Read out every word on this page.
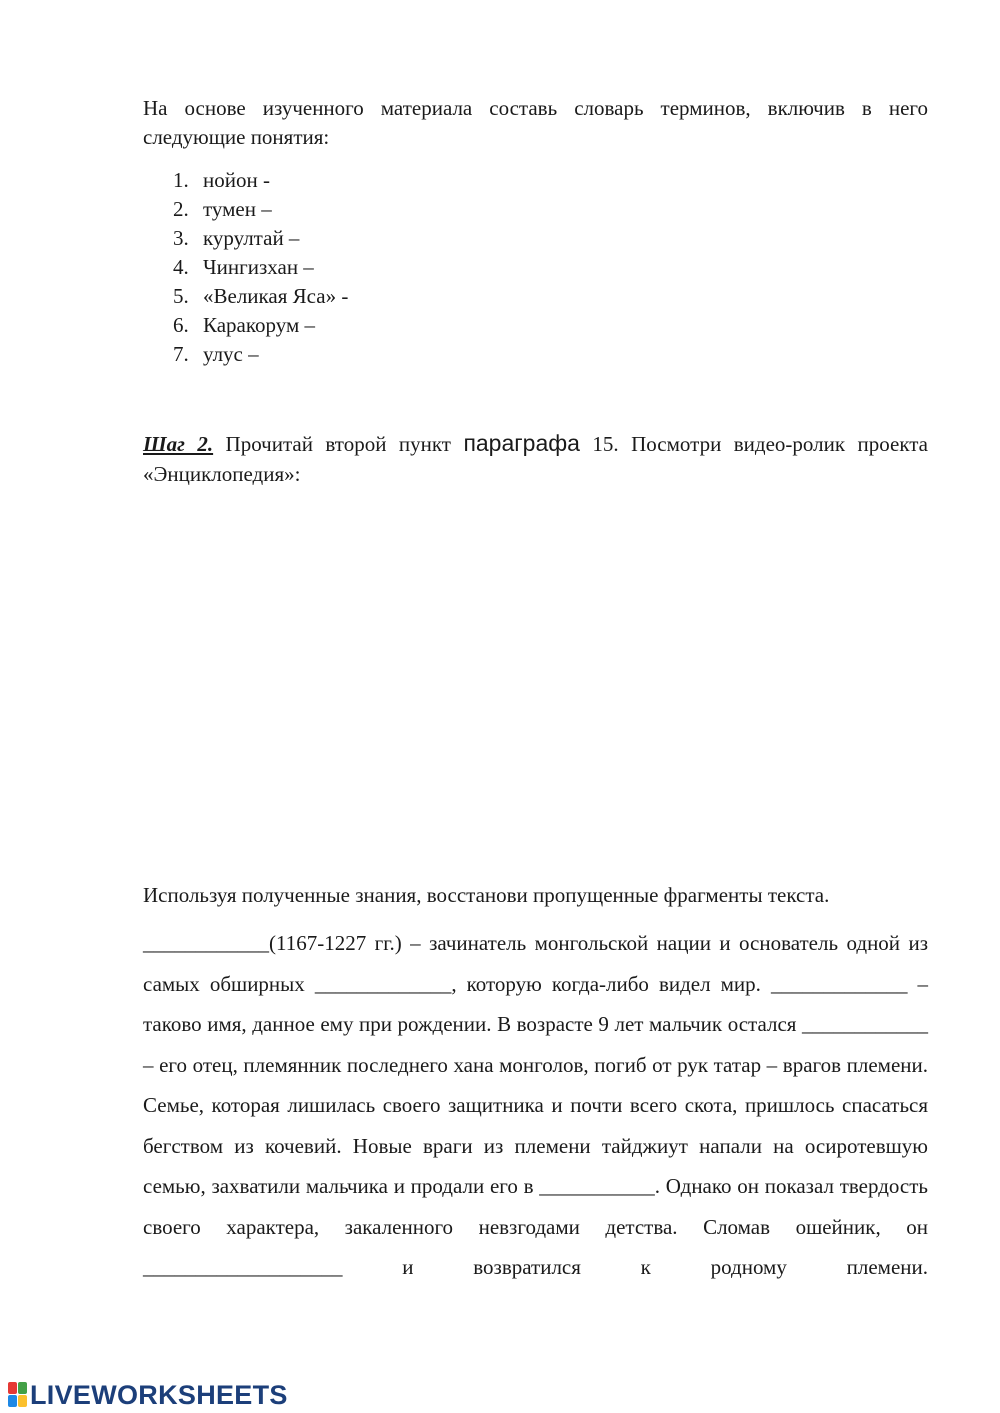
На основе изученного материала составь словарь терминов, включив в него следующие понятия:

1. нойон -
2. тумен –
3. курултай –
4. Чингизхан –
5. «Великая Яса» -
6. Каракорум –
7. улус –

Шаг 2. Прочитай второй пункт параграфа 15. Посмотри видео-ролик проекта «Энциклопедия»:

Используя полученные знания, восстанови пропущенные фрагменты текста.

____________(1167-1227 гг.) – зачинатель монгольской нации и основатель одной из самых обширных _____________, которую когда-либо видел мир. _____________ – таково имя, данное ему при рождении. В возрасте 9 лет мальчик остался ____________ – его отец, племянник последнего хана монголов, погиб от рук татар – врагов племени. Семье, которая лишилась своего защитника и почти всего скота, пришлось спасаться бегством из кочевий. Новые враги из племени тайджиут напали на осиротевшую семью, захватили мальчика и продали его в ___________. Однако он показал твердость своего характера, закаленного невзгодами детства. Сломав ошейник, он ___________________ и возвратился к родному племени.

LIVEWORKSHEETS
